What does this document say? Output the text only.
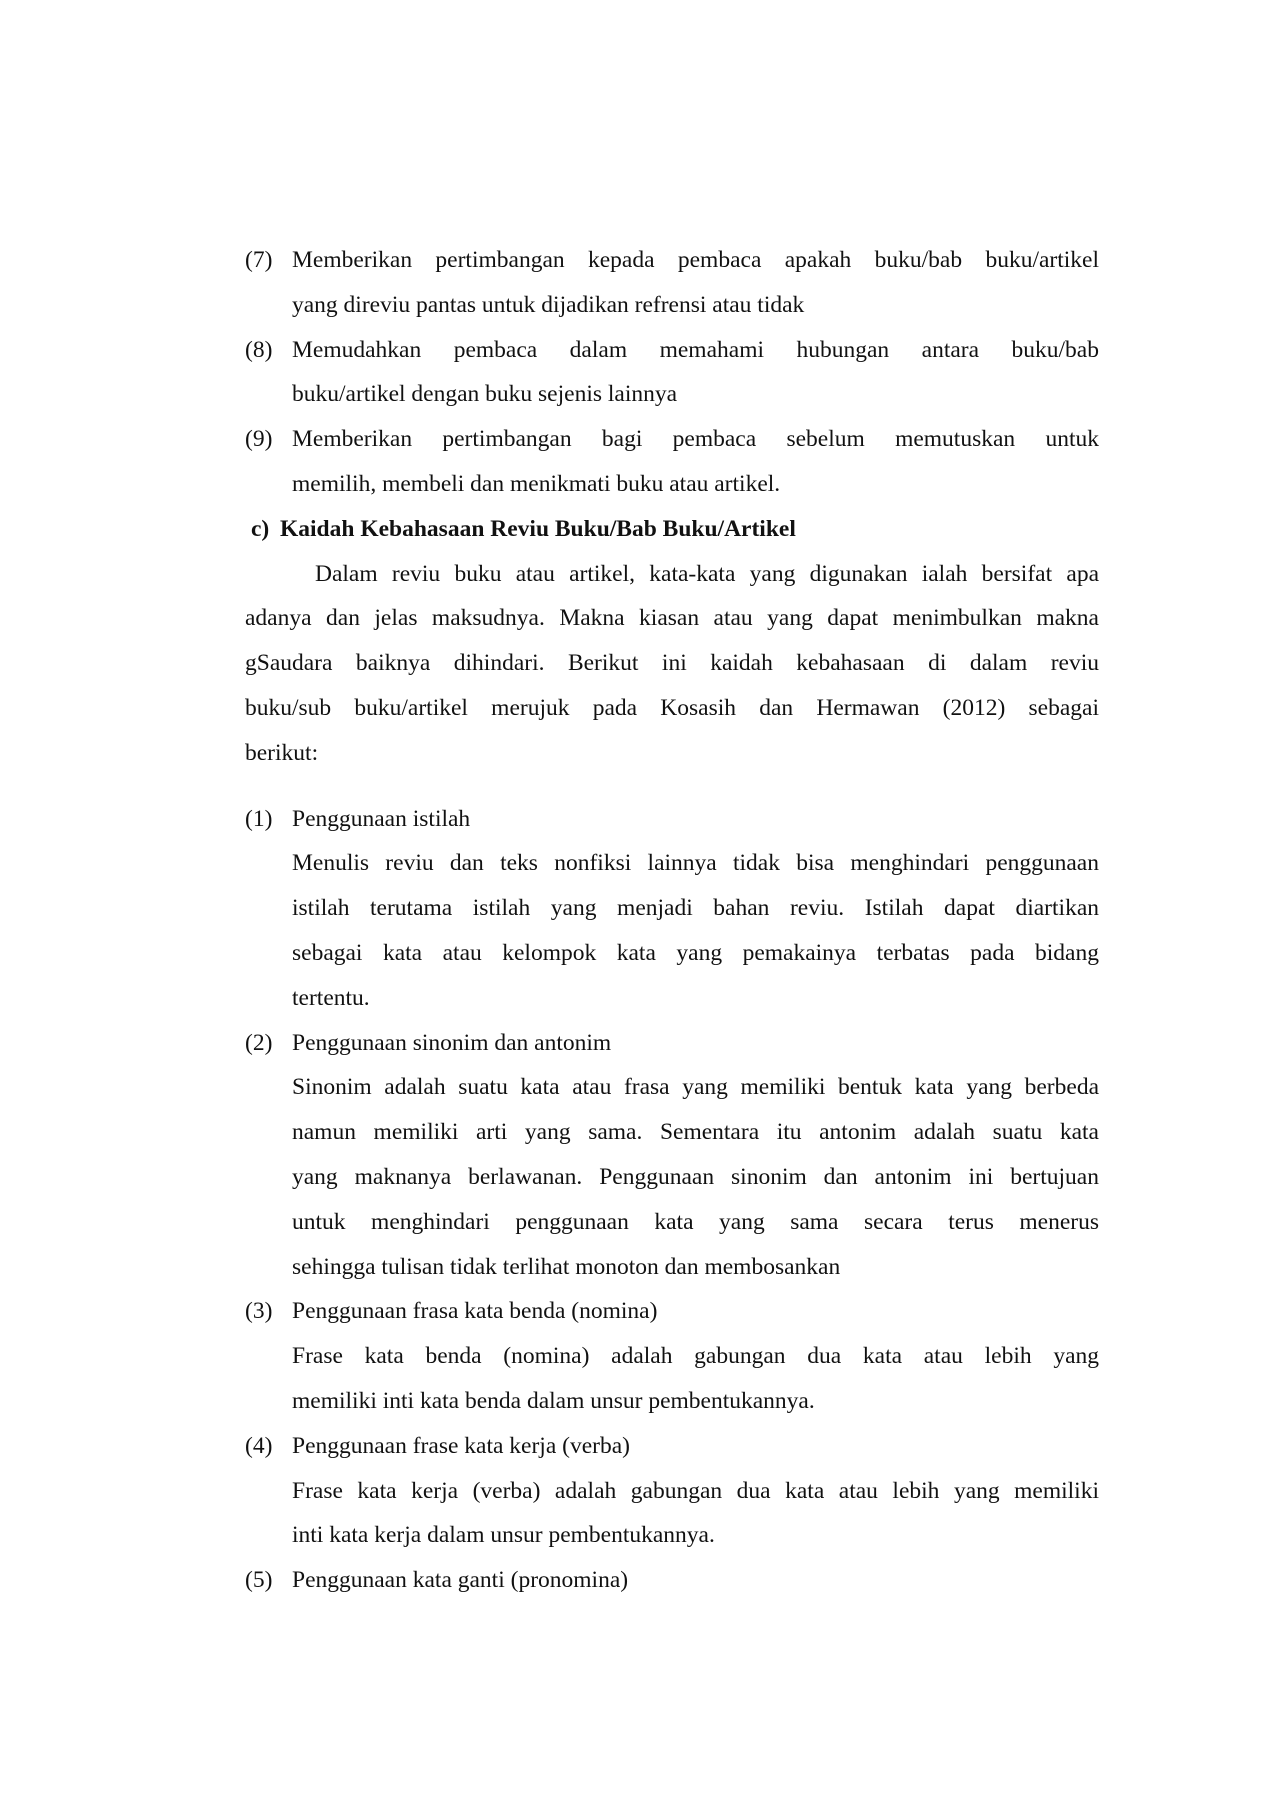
(7) Memberikan pertimbangan kepada pembaca apakah buku/bab buku/artikel
yang direviu pantas untuk dijadikan refrensi atau tidak
(8) Memudahkan pembaca dalam memahami hubungan antara buku/bab
buku/artikel dengan buku sejenis lainnya
(9) Memberikan pertimbangan bagi pembaca sebelum memutuskan untuk
memilih, membeli dan menikmati buku atau artikel.
c) Kaidah Kebahasaan Reviu Buku/Bab Buku/Artikel
Dalam reviu buku atau artikel, kata-kata yang digunakan ialah bersifat apa
adanya dan jelas maksudnya. Makna kiasan atau yang dapat menimbulkan makna
gSaudara baiknya dihindari. Berikut ini kaidah kebahasaan di dalam reviu
buku/sub buku/artikel merujuk pada Kosasih dan Hermawan (2012) sebagai
berikut:
(1) Penggunaan istilah
Menulis reviu dan teks nonfiksi lainnya tidak bisa menghindari penggunaan
istilah terutama istilah yang menjadi bahan reviu. Istilah dapat diartikan
sebagai kata atau kelompok kata yang pemakainya terbatas pada bidang
tertentu.
(2) Penggunaan sinonim dan antonim
Sinonim adalah suatu kata atau frasa yang memiliki bentuk kata yang berbeda
namun memiliki arti yang sama. Sementara itu antonim adalah suatu kata
yang maknanya berlawanan. Penggunaan sinonim dan antonim ini bertujuan
untuk menghindari penggunaan kata yang sama secara terus menerus
sehingga tulisan tidak terlihat monoton dan membosankan
(3) Penggunaan frasa kata benda (nomina)
Frase kata benda (nomina) adalah gabungan dua kata atau lebih yang
memiliki inti kata benda dalam unsur pembentukannya.
(4) Penggunaan frase kata kerja (verba)
Frase kata kerja (verba) adalah gabungan dua kata atau lebih yang memiliki
inti kata kerja dalam unsur pembentukannya.
(5) Penggunaan kata ganti (pronomina)
